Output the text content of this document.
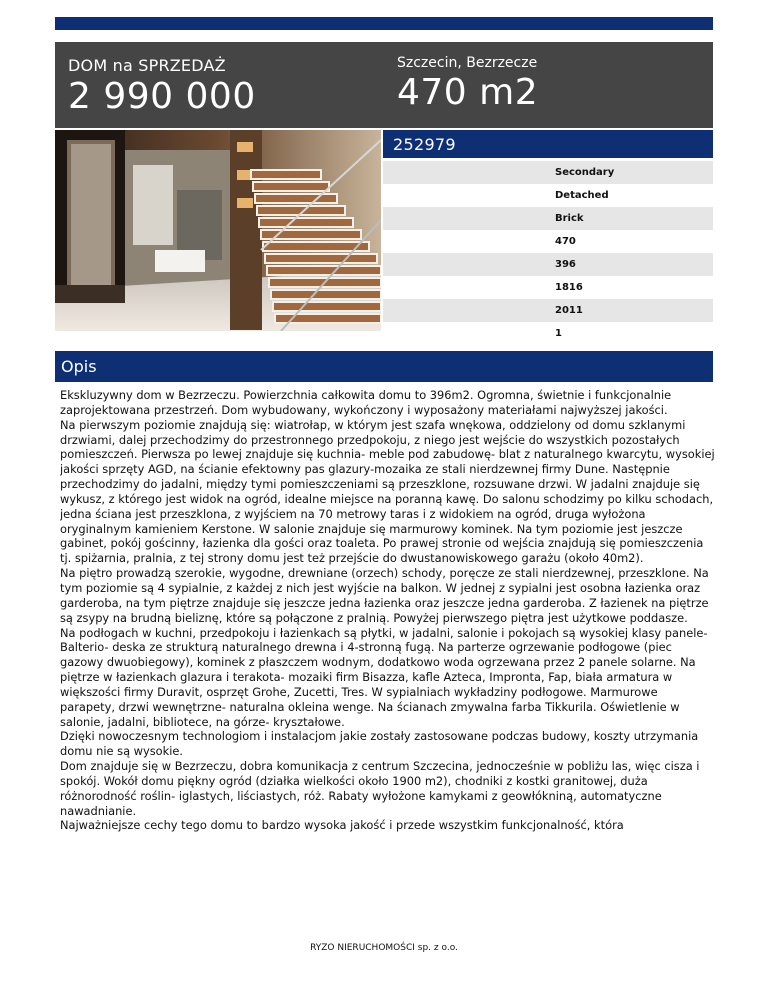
DOM na SPRZEDAŻ
2 990 000
Szczecin, Bezrzecze
470 m2
252979
Secondary
Detached
Brick
470
396
1816
2011
1
Opis

Ekskluzywny dom w Bezrzeczu. Powierzchnia całkowita domu to 396m2. Ogromna, świetnie i funkcjonalnie zaprojektowana przestrzeń. Dom wybudowany, wykończony i wyposażony materiałami najwyższej jakości.

Na pierwszym poziomie znajdują się: wiatrołap, w którym jest szafa wnękowa, oddzielony od domu szklanymi drzwiami, dalej przechodzimy do przestronnego przedpokoju, z niego jest wejście do wszystkich pozostałych pomieszczeń. Pierwsza po lewej znajduje się kuchnia- meble pod zabudowę- blat z naturalnego kwarcytu, wysokiej jakości sprzęty AGD, na ścianie efektowny pas glazury-mozaika ze stali nierdzewnej firmy Dune. Następnie przechodzimy do jadalni, między tymi pomieszczeniami są przeszklone, rozsuwane drzwi. W jadalni znajduje się wykusz, z którego jest widok na ogród, idealne miejsce na poranną kawę. Do salonu schodzimy po kilku schodach, jedna ściana jest przeszklona, z wyjściem na 70 metrowy taras i z widokiem na ogród, druga wyłożona oryginalnym kamieniem Kerstone. W salonie znajduje się marmurowy kominek. Na tym poziomie jest jeszcze gabinet, pokój gościnny, łazienka dla gości oraz toaleta. Po prawej stronie od wejścia znajdują się pomieszczenia tj. spiżarnia, pralnia, z tej strony domu jest też przejście do dwustanowiskowego garażu (około 40m2).

Na piętro prowadzą szerokie, wygodne, drewniane (orzech) schody, poręcze ze stali nierdzewnej, przeszklone. Na tym poziomie są 4 sypialnie, z każdej z nich jest wyjście na balkon. W jednej z sypialni jest osobna łazienka oraz garderoba, na tym piętrze znajduje się jeszcze jedna łazienka oraz jeszcze jedna garderoba. Z łazienek na piętrze są zsypy na brudną bieliznę, które są połączone z pralnią. Powyżej pierwszego piętra jest użytkowe poddasze.

Na podłogach w kuchni, przedpokoju i łazienkach są płytki, w jadalni, salonie i pokojach są wysokiej klasy panele- Balterio- deska ze strukturą naturalnego drewna i 4-stronną fugą. Na parterze ogrzewanie podłogowe (piec gazowy dwuobiegowy), kominek z płaszczem wodnym, dodatkowo woda ogrzewana przez 2 panele solarne. Na piętrze w łazienkach glazura i terakota- mozaiki firm Bisazza, kafle Azteca, Impronta, Fap, biała armatura w większości firmy Duravit, osprzęt Grohe, Zucetti, Tres. W sypialniach wykładziny podłogowe. Marmurowe parapety, drzwi wewnętrzne- naturalna okleina wenge. Na ścianach zmywalna farba Tikkurila. Oświetlenie w salonie, jadalni, bibliotece, na górze- kryształowe.

Dzięki nowoczesnym technologiom i instalacjom jakie zostały zastosowane podczas budowy, koszty utrzymania domu nie są wysokie.

Dom znajduje się w Bezrzeczu, dobra komunikacja z centrum Szczecina, jednocześnie w pobliżu las, więc cisza i spokój. Wokół domu piękny ogród (działka wielkości około 1900 m2), chodniki z kostki granitowej, duża różnorodność roślin- iglastych, liściastych, róż. Rabaty wyłożone kamykami z geowłókniną, automatyczne nawadnianie.

Najważniejsze cechy tego domu to bardzo wysoka jakość i przede wszystkim funkcjonalność, która

RYZO NIERUCHOMOŚCI sp. z o.o.
